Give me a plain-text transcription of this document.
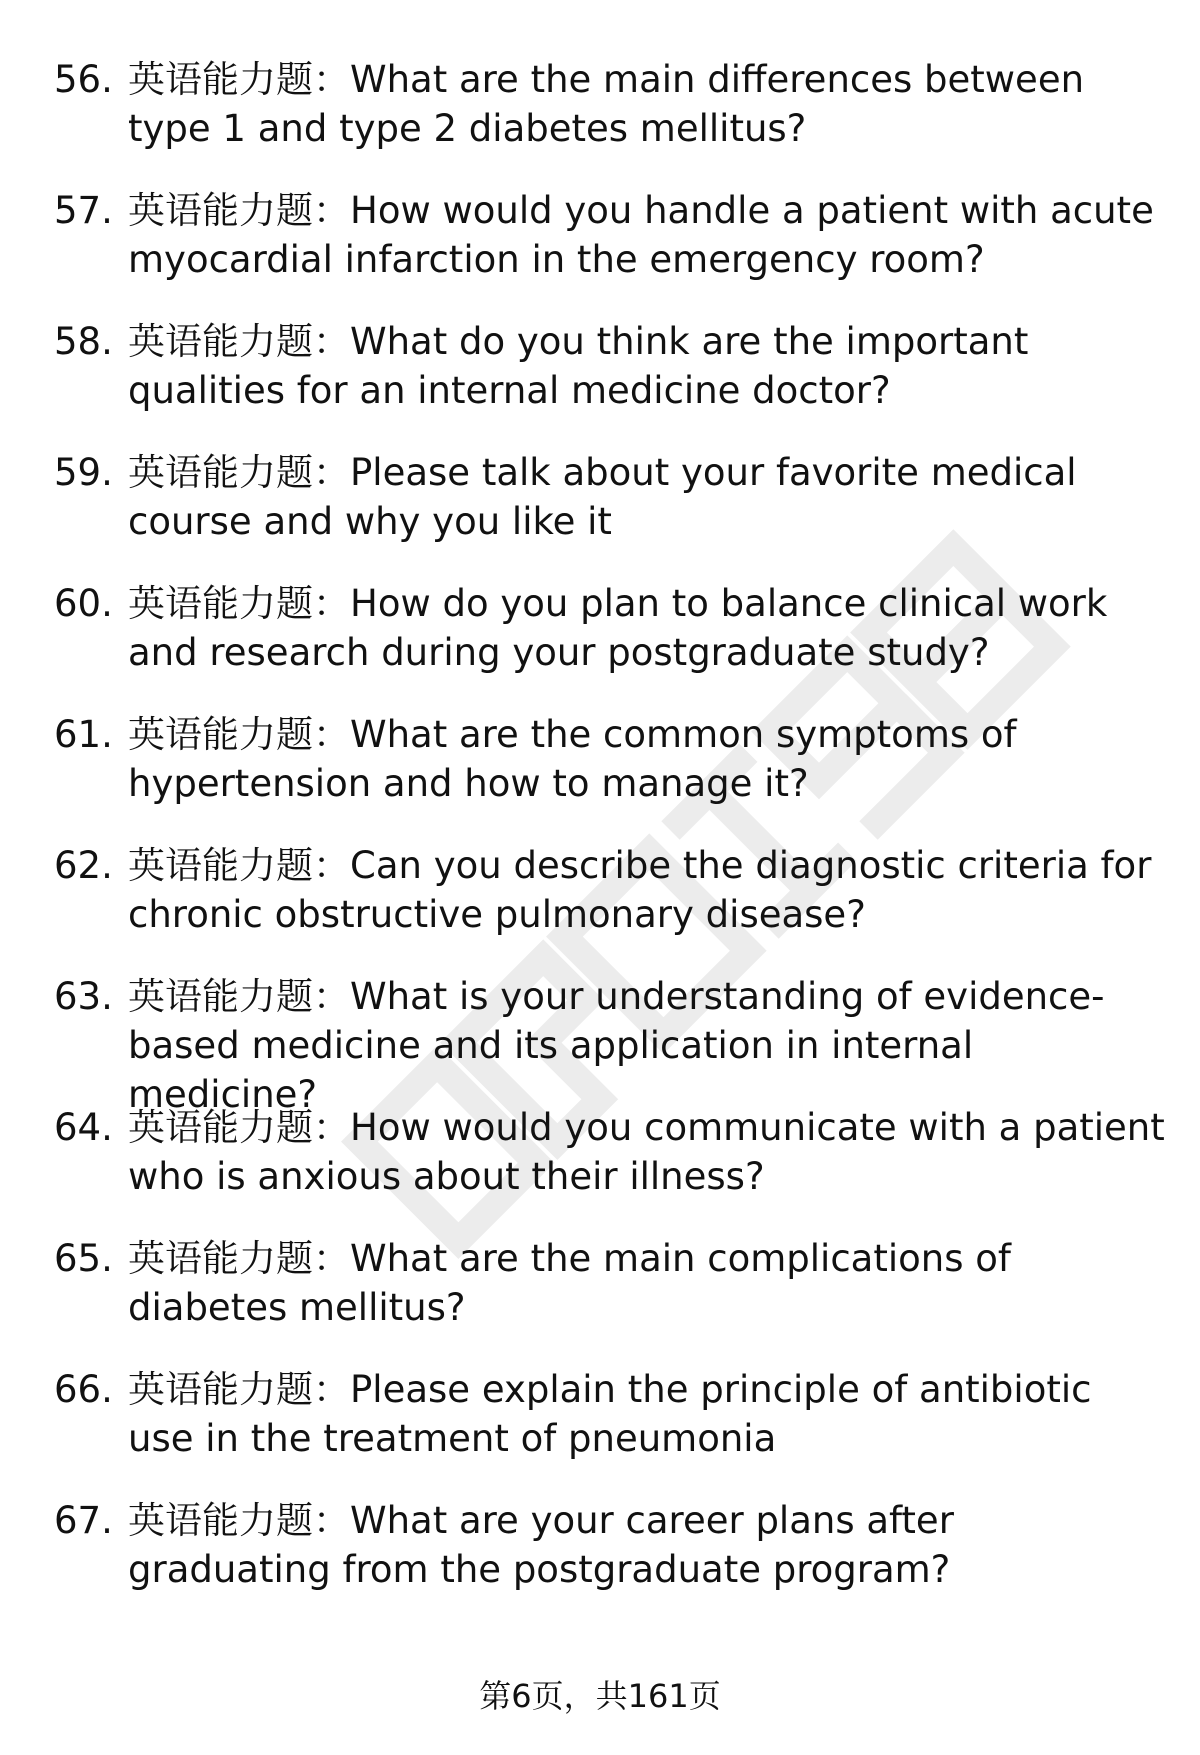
56. 英语能力题：What are the main differences between type 1 and type 2 diabetes mellitus?
57. 英语能力题：How would you handle a patient with acute myocardial infarction in the emergency room?
58. 英语能力题：What do you think are the important qualities for an internal medicine doctor?
59. 英语能力题：Please talk about your favorite medical course and why you like it
60. 英语能力题：How do you plan to balance clinical work and research during your postgraduate study?
61. 英语能力题：What are the common symptoms of hypertension and how to manage it?
62. 英语能力题：Can you describe the diagnostic criteria for chronic obstructive pulmonary disease?
63. 英语能力题：What is your understanding of evidence-based medicine and its application in internal medicine?
64. 英语能力题：How would you communicate with a patient who is anxious about their illness?
65. 英语能力题：What are the main complications of diabetes mellitus?
66. 英语能力题：Please explain the principle of antibiotic use in the treatment of pneumonia
67. 英语能力题：What are your career plans after graduating from the postgraduate program?
第6页，共161页
